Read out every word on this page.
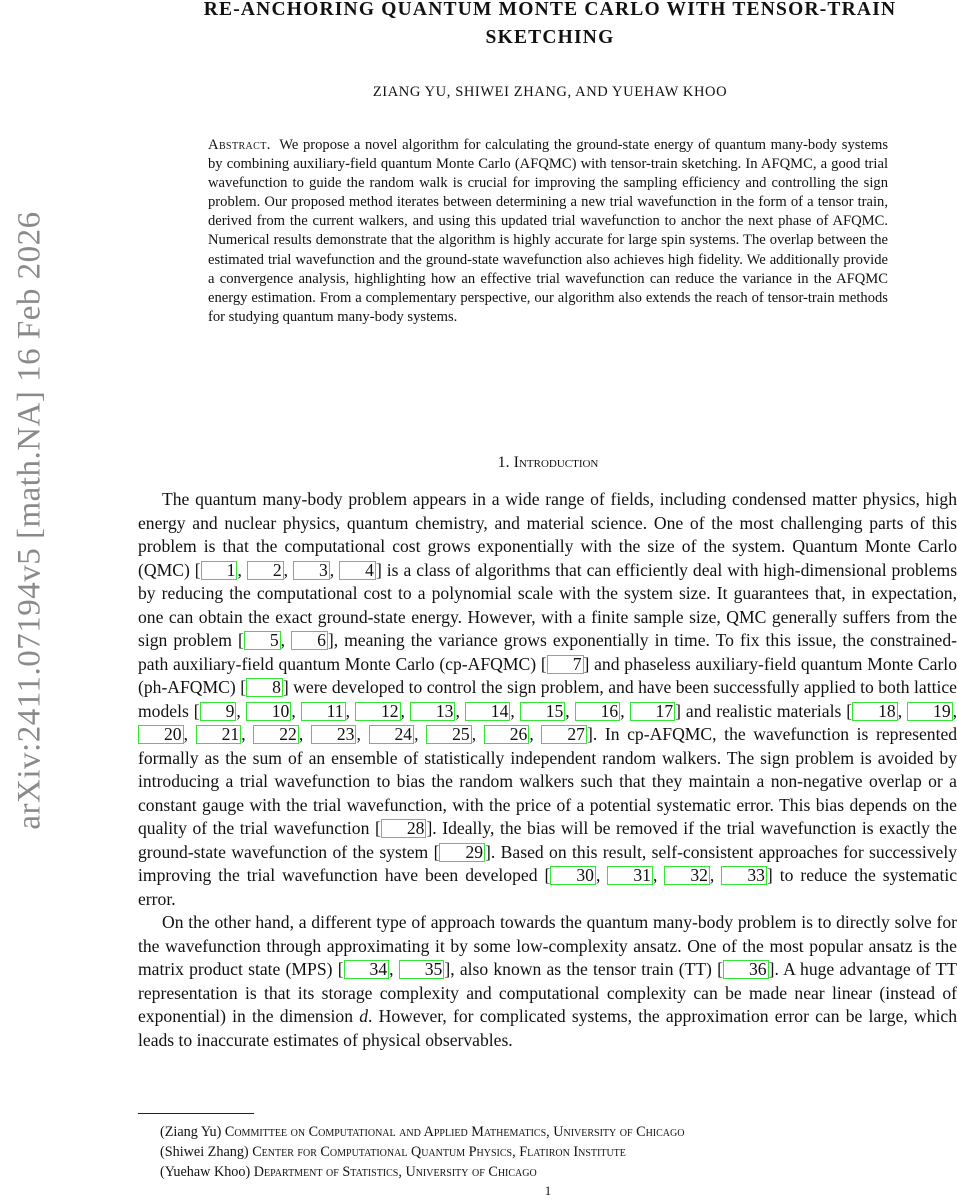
arXiv:2411.07194v5 [math.NA] 16 Feb 2026
RE-ANCHORING QUANTUM MONTE CARLO WITH TENSOR-TRAIN SKETCHING
ZIANG YU, SHIWEI ZHANG, AND YUEHAW KHOO
Abstract. We propose a novel algorithm for calculating the ground-state energy of quantum many-body systems by combining auxiliary-field quantum Monte Carlo (AFQMC) with tensor-train sketching. In AFQMC, a good trial wavefunction to guide the random walk is crucial for improving the sampling efficiency and controlling the sign problem. Our proposed method iterates between determining a new trial wavefunction in the form of a tensor train, derived from the current walkers, and using this updated trial wavefunction to anchor the next phase of AFQMC. Numerical results demonstrate that the algorithm is highly accurate for large spin systems. The overlap between the estimated trial wavefunction and the ground-state wavefunction also achieves high fidelity. We additionally provide a convergence analysis, highlighting how an effective trial wavefunction can reduce the variance in the AFQMC energy estimation. From a complementary perspective, our algorithm also extends the reach of tensor-train methods for studying quantum many-body systems.
1. Introduction

The quantum many-body problem appears in a wide range of fields, including condensed matter physics, high energy and nuclear physics, quantum chemistry, and material science. One of the most challenging parts of this problem is that the computational cost grows exponentially with the size of the system. Quantum Monte Carlo (QMC) [ 1 , 2 , 3 , 4 ] is a class of algorithms that can efficiently deal with high-dimensional problems by reducing the computational cost to a polynomial scale with the system size. It guarantees that, in expectation, one can obtain the exact ground-state energy. However, with a finite sample size, QMC generally suffers from the sign problem [ 5 , 6 ], meaning the variance grows exponentially in time. To fix this issue, the constrained-path auxiliary-field quantum Monte Carlo (cp-AFQMC) [ 7 ] and phaseless auxiliary-field quantum Monte Carlo (ph-AFQMC) [ 8 ] were developed to control the sign problem, and have been successfully applied to both lattice models [ 9 , 10 , 11 , 12 , 13 , 14 , 15 , 16 , 17 ] and realistic materials [ 18 , 19 , 20 , 21 , 22 , 23 , 24 , 25 , 26 , 27 ]. In cp-AFQMC, the wavefunction is represented formally as the sum of an ensemble of statistically independent random walkers. The sign problem is avoided by introducing a trial wavefunction to bias the random walkers such that they maintain a non-negative overlap or a constant gauge with the trial wavefunction, with the price of a potential systematic error. This bias depends on the quality of the trial wavefunction [ 28 ]. Ideally, the bias will be removed if the trial wavefunction is exactly the ground-state wavefunction of the system [ 29 ]. Based on this result, self-consistent approaches for successively improving the trial wavefunction have been developed [ 30 , 31 , 32 , 33 ] to reduce the systematic error.

On the other hand, a different type of approach towards the quantum many-body problem is to directly solve for the wavefunction through approximating it by some low-complexity ansatz. One of the most popular ansatz is the matrix product state (MPS) [ 34 , 35 ], also known as the tensor train (TT) [ 36 ]. A huge advantage of TT representation is that its storage complexity and computational complexity can be made near linear (instead of exponential) in the dimension d. However, for complicated systems, the approximation error can be large, which leads to inaccurate estimates of physical observables.

(Ziang Yu) Committee on Computational and Applied Mathematics, University of Chicago
(Shiwei Zhang) Center for Computational Quantum Physics, Flatiron Institute
(Yuehaw Khoo) Department of Statistics, University of Chicago
1
